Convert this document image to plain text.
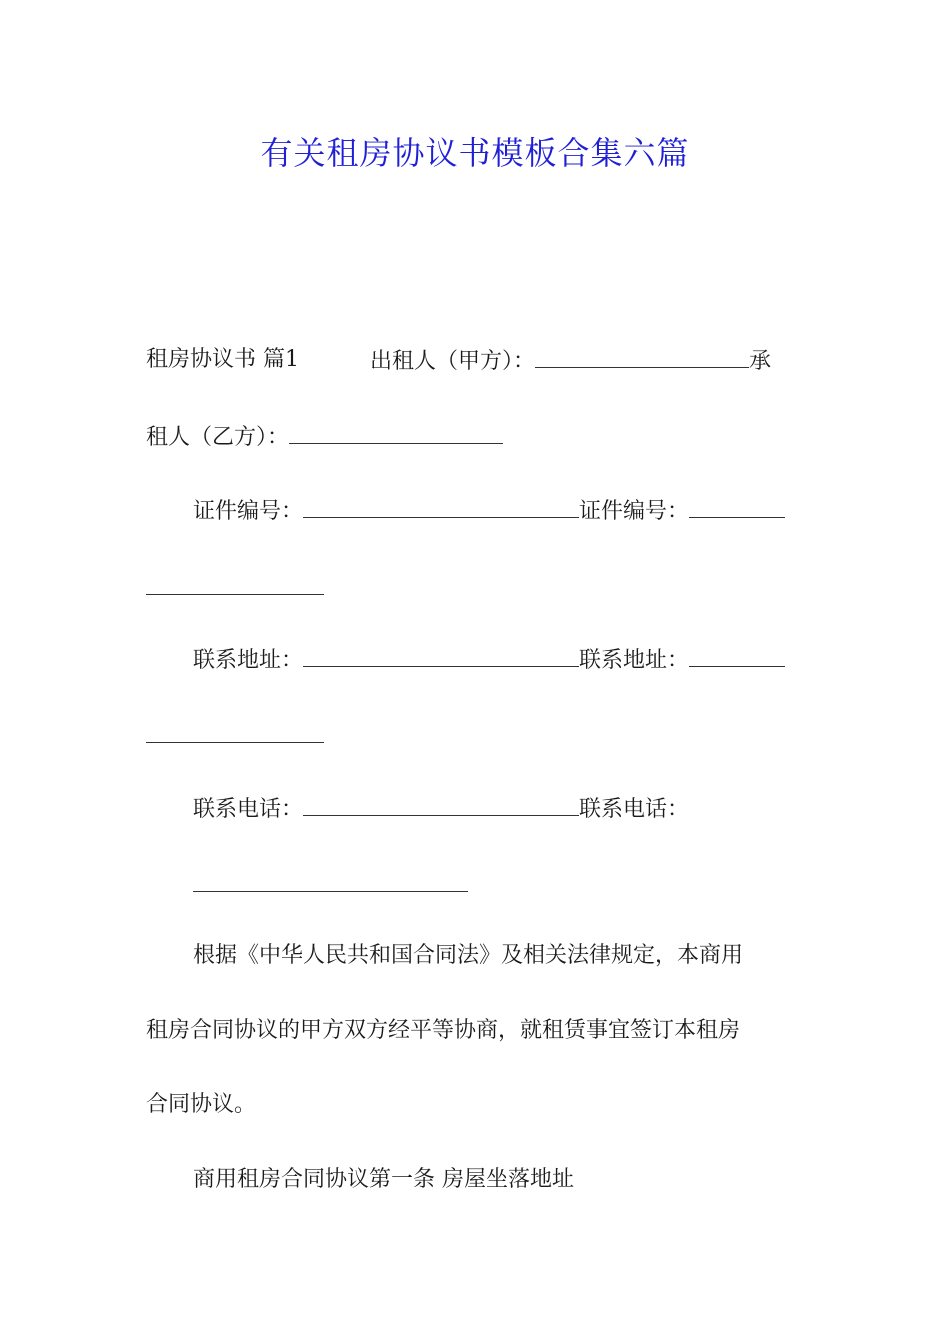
有关租房协议书模板合集六篇
租房协议书 篇1	出租人（甲方）：	承
租人（乙方）：
证件编号：	证件编号：
联系地址：	联系地址：
联系电话：	联系电话：
根据《中华人民共和国合同法》及相关法律规定，本商用
租房合同协议的甲方双方经平等协商，就租赁事宜签订本租房
合同协议。
商用租房合同协议第一条 房屋坐落地址
